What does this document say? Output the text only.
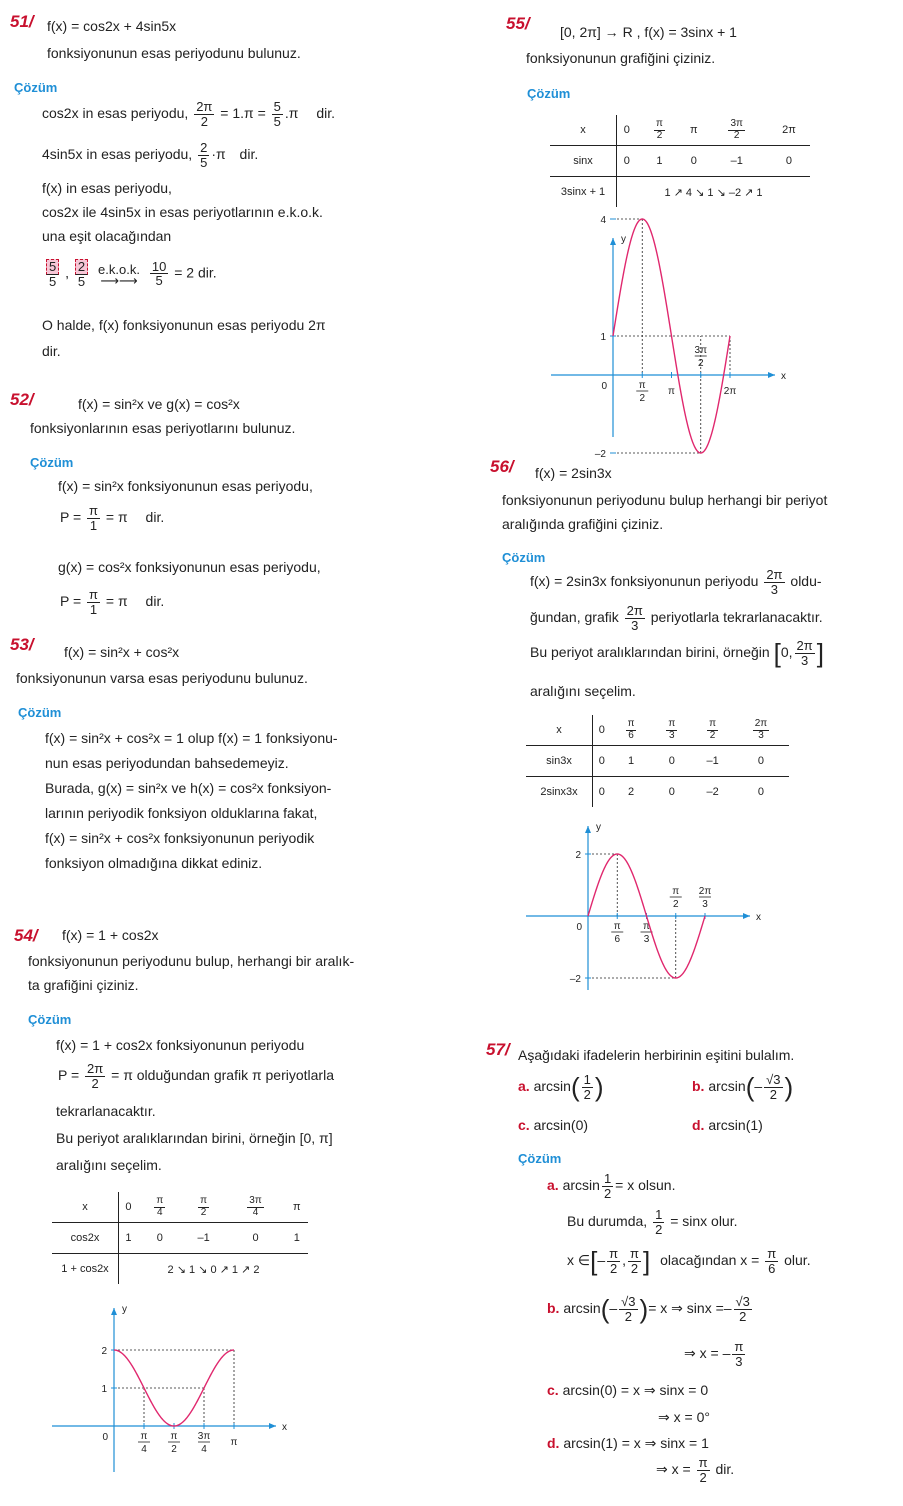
51/ f(x) = cos2x + 4sin5x
fonksiyonunun esas periyodunu bulunuz.
Çözüm
cos2x in esas periyodu, $\frac{2\pi}{2} = 1.\pi = \frac{5}{5} .\pi$ dir.
4sin5x in esas periyodu, $\frac{2}{5} \cdot\pi$ dir.
f(x) in esas periyodu,
cos2x ile 4sin5x in esas periyotlarının e.k.o.k.
una eşit olacağından
$\frac{5}{5}$ , $\frac{2}{5}$
e.k.o.k.
⟶⟶
$\frac{10}{5} = 2$ dir.
O halde, f(x) fonksiyonunun esas periyodu 2π
dir.
52/	f(x) = sin²x ve g(x) = cos²x
fonksiyonlarının esas periyotlarını bulunuz.
Çözüm
f(x) = sin²x fonksiyonunun esas periyodu,
$P = \frac{\pi}{1} = \pi$ dir.
g(x) = cos²x fonksiyonunun esas periyodu,
$P = \frac{\pi}{1} = \pi$ dir.
53/ f(x) = sin²x + cos²x
fonksiyonunun varsa esas periyodunu bulunuz.
Çözüm
f(x) = sin²x + cos²x = 1 olup f(x) = 1 fonksiyonu-
nun esas periyodundan bahsedemeyiz.
Burada, g(x) = sin²x ve h(x) = cos²x fonksiyon-
larının periyodik fonksiyon olduklarına fakat,
f(x) = sin²x + cos²x fonksiyonunun periyodik
fonksiyon olmadığına dikkat ediniz.
54/ f(x) = 1 + cos2x
fonksiyonunun periyodunu bulup, herhangi bir aralık-
ta grafiğini çiziniz.
Çözüm
f(x) = 1 + cos2x fonksiyonunun periyodu
$P = \frac{2\pi}{2} = \pi$ olduğundan grafik π periyotlarla
tekrarlanacaktır.
Bu periyot aralıklarından birini, örneğin [0, π]
aralığını seçelim.
x	0	$\frac{\pi}{4}$	$\frac{\pi}{2}$	$\frac{3\pi}{4}$	π
cos2x	1	0	–1	0	1
1 + cos2x	2 ↘ 1 ↘ 0 ↗ 1 ↗ 2				
y
x
0
2
1
π
4
π
2
3π
4
π
55/ [0, 2π] → R , f(x) = 3sinx + 1
fonksiyonunun grafiğini çiziniz.
Çözüm
x	0	$\frac{\pi}{2}$	π	$\frac{3\pi}{2}$	2π
sinx	0	1	0	–1	0
3sinx + 1	1 ↗ 4 ↘ 1 ↘ –2 ↗ 1				
y
x
0
4
1
–2
π
2
π
3π
2
2π
56/ f(x) = 2sin3x
fonksiyonunun periyodunu bulup herhangi bir periyot
aralığında grafiğini çiziniz.
Çözüm
f(x) = 2sin3x fonksiyonunun periyodu $\frac{2\pi}{3}$ oldu-
ğundan, grafik $\frac{2\pi}{3}$ periyotlarla tekrarlanacaktır.
Bu periyot aralıklarından birini, örneğin [0, $\frac{2\pi}{3}$ ]
aralığını seçelim.
x	0	$\frac{\pi}{6}$	$\frac{\pi}{3}$	$\frac{\pi}{2}$	$\frac{2\pi}{3}$

sin3x	0	1	0	–1	0
2sinx3x	0	2	0	–2	0
y
x
0
2
–2
π
6
π
3
π
2
2π
3
57/ Aşağıdaki ifadelerin herbirinin eşitini bulalım.
a. $\arcsin( \frac{1}{2}$ )	b. $\arcsin(- \frac{√3}{2}$ )
c. arcsin(0)	d. arcsin(1)
Çözüm
a. $\arcsin \frac{1}{2} = x$ olsun.
Bu durumda, $\frac{1}{2} = \sin x$ olur.
x ∈[– $\frac{\pi}{2}$ , $\frac{\pi}{2}$ ] olacağından $x = \frac{\pi}{6}$ olur.
b. $\arcsin(- \frac{√3}{2}$ )= x ⇒ $\sin x =- \frac{√3}{2}$
⇒ x = – $\frac{\pi}{3}$
c. arcsin(0) = x ⇒ sinx = 0
⇒ x = 0°
d. arcsin(1) = x ⇒ sinx = 1
⇒ $x = \frac{\pi}{2}$ dir.
